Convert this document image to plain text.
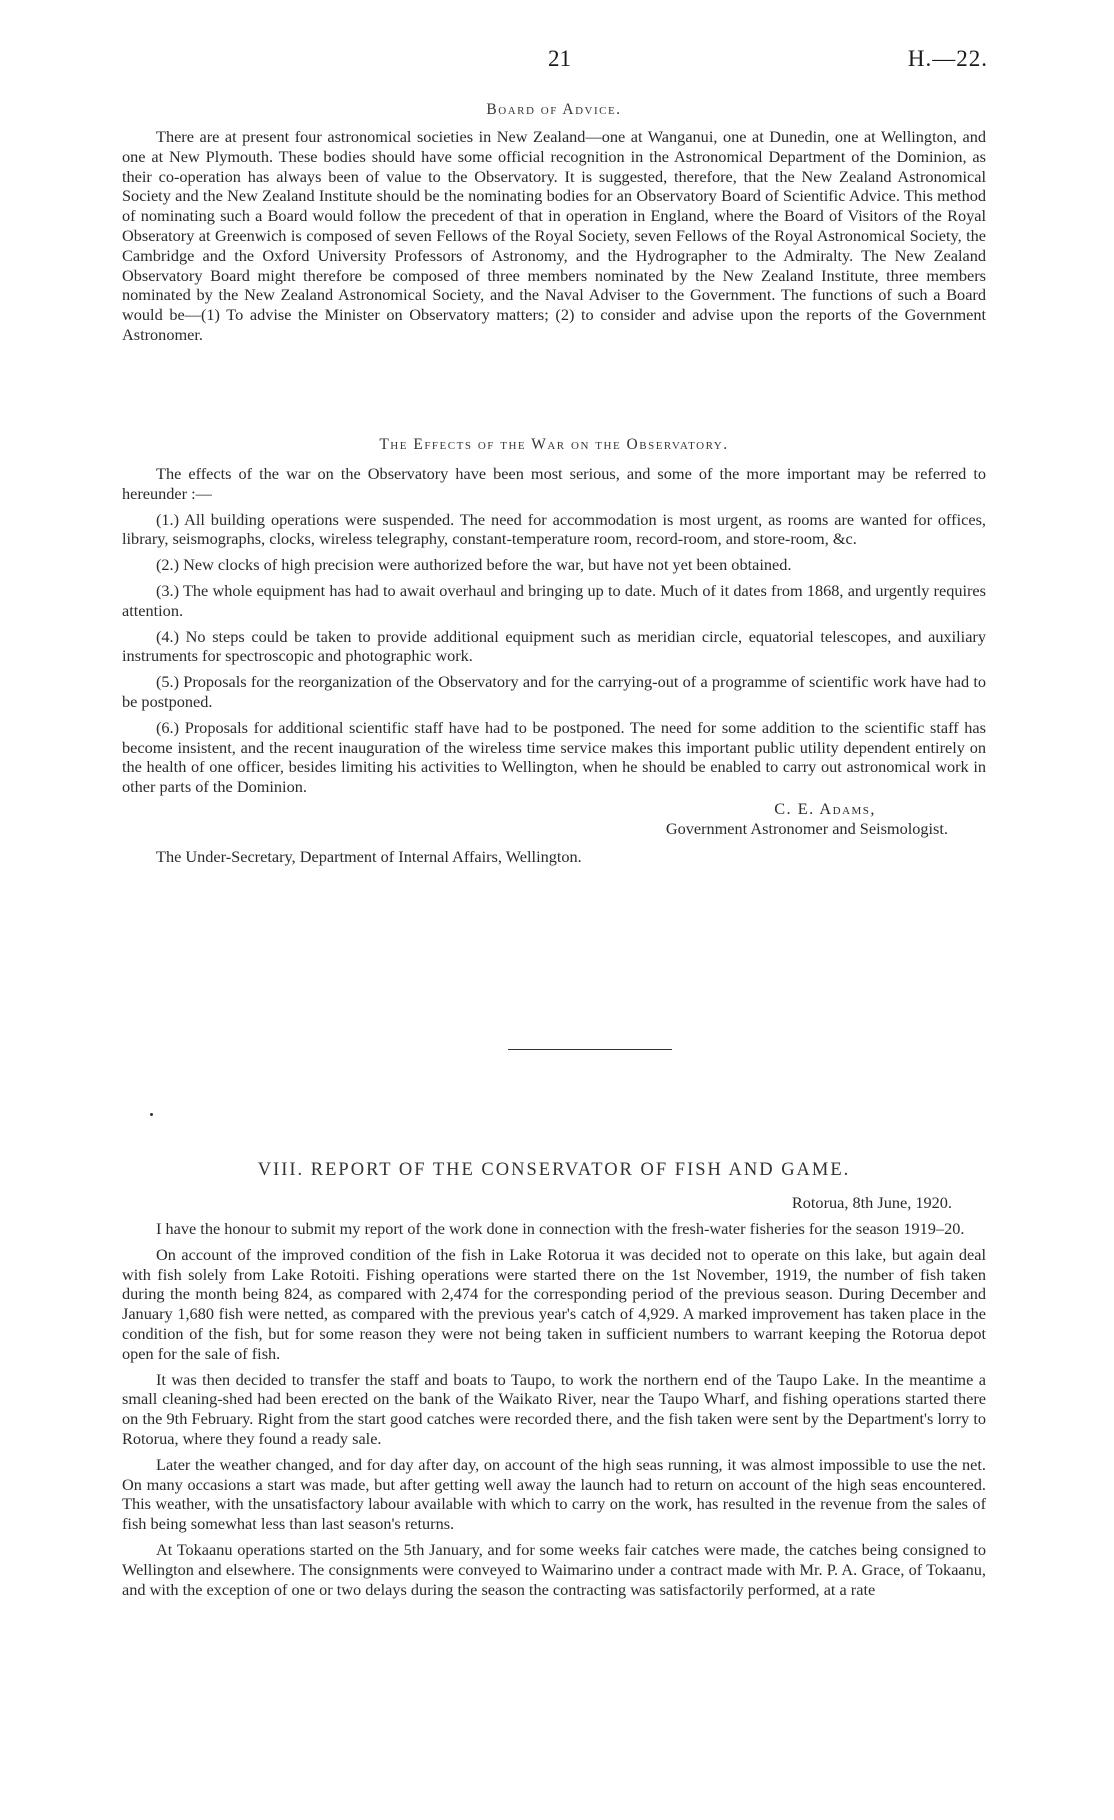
21	H.—22.
Board of Advice.

There are at present four astronomical societies in New Zealand—one at Wanganui, one at Dunedin, one at Wellington, and one at New Plymouth. These bodies should have some official recognition in the Astronomical Department of the Dominion, as their co-operation has always been of value to the Observatory. It is suggested, therefore, that the New Zealand Astronomical Society and the New Zealand Institute should be the nominating bodies for an Observatory Board of Scientific Advice. This method of nominating such a Board would follow the precedent of that in operation in England, where the Board of Visitors of the Royal Obseratory at Greenwich is composed of seven Fellows of the Royal Society, seven Fellows of the Royal Astronomical Society, the Cambridge and the Oxford University Professors of Astronomy, and the Hydrographer to the Admiralty. The New Zealand Observatory Board might therefore be composed of three members nominated by the New Zealand Institute, three members nominated by the New Zealand Astronomical Society, and the Naval Adviser to the Government. The functions of such a Board would be—(1) To advise the Minister on Observatory matters; (2) to consider and advise upon the reports of the Government Astronomer.

The Effects of the War on the Observatory.

The effects of the war on the Observatory have been most serious, and some of the more important may be referred to hereunder :—

(1.) All building operations were suspended. The need for accommodation is most urgent, as rooms are wanted for offices, library, seismographs, clocks, wireless telegraphy, constant-temperature room, record-room, and store-room, &c.

(2.) New clocks of high precision were authorized before the war, but have not yet been obtained.

(3.) The whole equipment has had to await overhaul and bringing up to date. Much of it dates from 1868, and urgently requires attention.

(4.) No steps could be taken to provide additional equipment such as meridian circle, equatorial telescopes, and auxiliary instruments for spectroscopic and photographic work.

(5.) Proposals for the reorganization of the Observatory and for the carrying-out of a programme of scientific work have had to be postponed.

(6.) Proposals for additional scientific staff have had to be postponed. The need for some addition to the scientific staff has become insistent, and the recent inauguration of the wireless time service makes this important public utility dependent entirely on the health of one officer, besides limiting his activities to Wellington, when he should be enabled to carry out astronomical work in other parts of the Dominion.

C. E. Adams,
Government Astronomer and Seismologist.
The Under-Secretary, Department of Internal Affairs, Wellington.
VIII. REPORT OF THE CONSERVATOR OF FISH AND GAME.
Rotorua, 8th June, 1920.

I have the honour to submit my report of the work done in connection with the fresh-water fisheries for the season 1919–20.

On account of the improved condition of the fish in Lake Rotorua it was decided not to operate on this lake, but again deal with fish solely from Lake Rotoiti. Fishing operations were started there on the 1st November, 1919, the number of fish taken during the month being 824, as compared with 2,474 for the corresponding period of the previous season. During December and January 1,680 fish were netted, as compared with the previous year's catch of 4,929. A marked improvement has taken place in the condition of the fish, but for some reason they were not being taken in sufficient numbers to warrant keeping the Rotorua depot open for the sale of fish.

It was then decided to transfer the staff and boats to Taupo, to work the northern end of the Taupo Lake. In the meantime a small cleaning-shed had been erected on the bank of the Waikato River, near the Taupo Wharf, and fishing operations started there on the 9th February. Right from the start good catches were recorded there, and the fish taken were sent by the Department's lorry to Rotorua, where they found a ready sale.

Later the weather changed, and for day after day, on account of the high seas running, it was almost impossible to use the net. On many occasions a start was made, but after getting well away the launch had to return on account of the high seas encountered. This weather, with the unsatisfactory labour available with which to carry on the work, has resulted in the revenue from the sales of fish being somewhat less than last season's returns.

At Tokaanu operations started on the 5th January, and for some weeks fair catches were made, the catches being consigned to Wellington and elsewhere. The consignments were conveyed to Waimarino under a contract made with Mr. P. A. Grace, of Tokaanu, and with the exception of one or two delays during the season the contracting was satisfactorily performed, at a rate
